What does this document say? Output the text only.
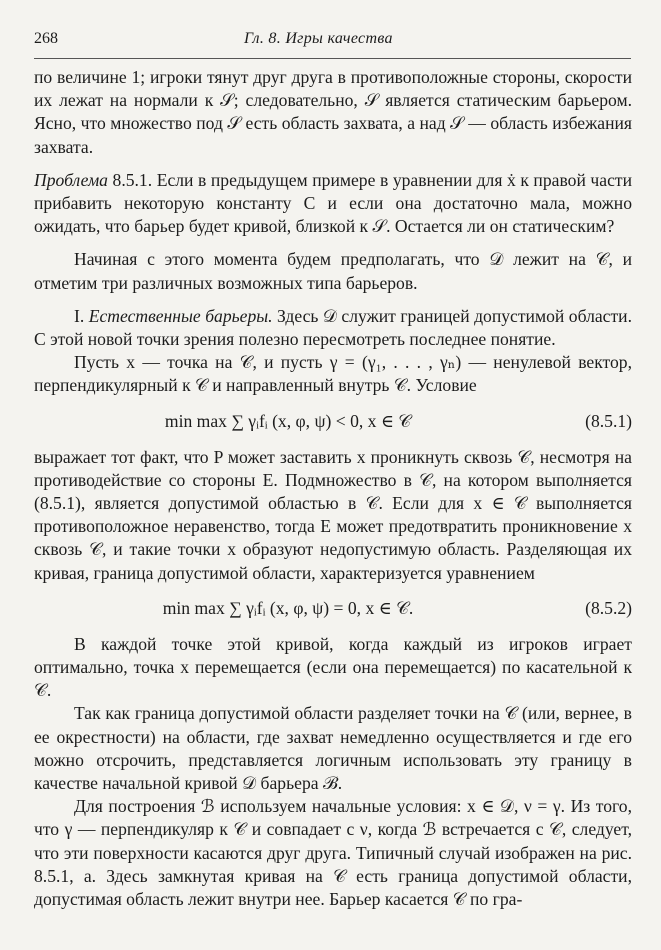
268	Гл. 8. Игры качества

по величине 1; игроки тянут друг друга в противоположные стороны, скорости их лежат на нормали к 𝒮; следовательно, 𝒮 является статическим барьером. Ясно, что множество под 𝒮 есть область захвата, а над 𝒮 — область избежания захвата.

Проблема 8.5.1. Если в предыдущем примере в уравнении для ẋ к правой части прибавить некоторую константу C и если она достаточно мала, можно ожидать, что барьер будет кривой, близкой к 𝒮. Остается ли он статическим?

Начиная с этого момента будем предполагать, что 𝒟 лежит на 𝒞, и отметим три различных возможных типа барьеров.

I. Естественные барьеры. Здесь 𝒟 служит границей допустимой области. С этой новой точки зрения полезно пересмотреть последнее понятие.

Пусть x — точка на 𝒞, и пусть γ = (γ₁, . . . , γₙ) — ненулевой вектор, перпендикулярный к 𝒞 и направленный внутрь 𝒞. Условие

min max ∑ γᵢfᵢ (x, φ, ψ) < 0, x ∈ 𝒞	(8.5.1)

выражает тот факт, что P может заставить x проникнуть сквозь 𝒞, несмотря на противодействие со стороны E. Подмножество в 𝒞, на котором выполняется (8.5.1), является допустимой областью в 𝒞. Если для x ∈ 𝒞 выполняется противоположное неравенство, тогда E может предотвратить проникновение x сквозь 𝒞, и такие точки x образуют недопустимую область. Разделяющая их кривая, граница допустимой области, характеризуется уравнением

min max ∑ γᵢfᵢ (x, φ, ψ) = 0, x ∈ 𝒞.	(8.5.2)

В каждой точке этой кривой, когда каждый из игроков играет оптимально, точка x перемещается (если она перемещается) по касательной к 𝒞.

Так как граница допустимой области разделяет точки на 𝒞 (или, вернее, в ее окрестности) на области, где захват немедленно осуществляется и где его можно отсрочить, представляется логичным использовать эту границу в качестве начальной кривой 𝒟 барьера ℬ.

Для построения ℬ используем начальные условия: x ∈ 𝒟, ν = γ. Из того, что γ — перпендикуляр к 𝒞 и совпадает с ν, когда ℬ встречается с 𝒞, следует, что эти поверхности касаются друг друга. Типичный случай изображен на рис. 8.5.1, a. Здесь замкнутая кривая на 𝒞 есть граница допустимой области, допустимая область лежит внутри нее. Барьер касается 𝒞 по гра-
